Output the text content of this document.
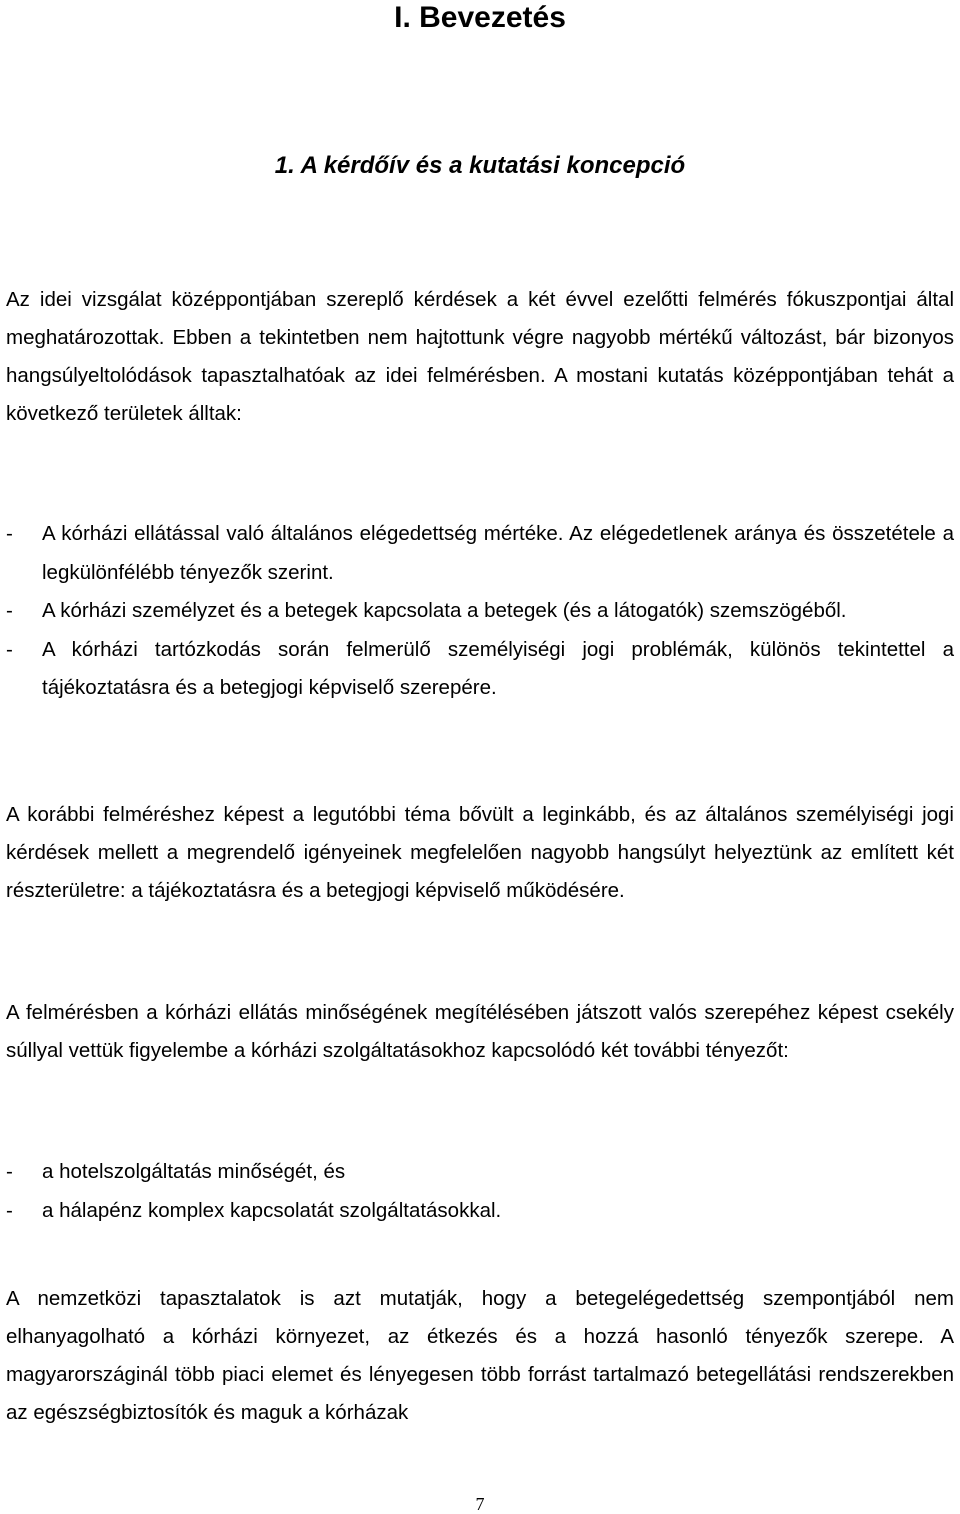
I. Bevezetés
1. A kérdőív és a kutatási koncepció

Az idei vizsgálat középpontjában szereplő kérdések a két évvel ezelőtti felmérés fókuszpontjai által meghatározottak. Ebben a tekintetben nem hajtottunk végre nagyobb mértékű változást, bár bizonyos hangsúlyeltolódások tapasztalhatóak az idei felmérésben. A mostani kutatás középpontjában tehát a következő területek álltak:

- A kórházi ellátással való általános elégedettség mértéke. Az elégedetlenek aránya és összetétele a legkülönfélébb tényezők szerint.
- A kórházi személyzet és a betegek kapcsolata a betegek (és a látogatók) szemszögéből.
- A kórházi tartózkodás során felmerülő személyiségi jogi problémák, különös tekintettel a tájékoztatásra és a betegjogi képviselő szerepére.

A korábbi felméréshez képest a legutóbbi téma bővült a leginkább, és az általános személyiségi jogi kérdések mellett a megrendelő igényeinek megfelelően nagyobb hangsúlyt helyeztünk az említett két részterületre: a tájékoztatásra és a betegjogi képviselő működésére.

A felmérésben a kórházi ellátás minőségének megítélésében játszott valós szerepéhez képest csekély súllyal vettük figyelembe a kórházi szolgáltatásokhoz kapcsolódó két további tényezőt:

- a hotelszolgáltatás minőségét, és
- a hálapénz komplex kapcsolatát szolgáltatásokkal.

A nemzetközi tapasztalatok is azt mutatják, hogy a betegelégedettség szempontjából nem elhanyagolható a kórházi környezet, az étkezés és a hozzá hasonló tényezők szerepe. A magyarországinál több piaci elemet és lényegesen több forrást tartalmazó betegellátási rendszerekben az egészségbiztosítók és maguk a kórházak

7
